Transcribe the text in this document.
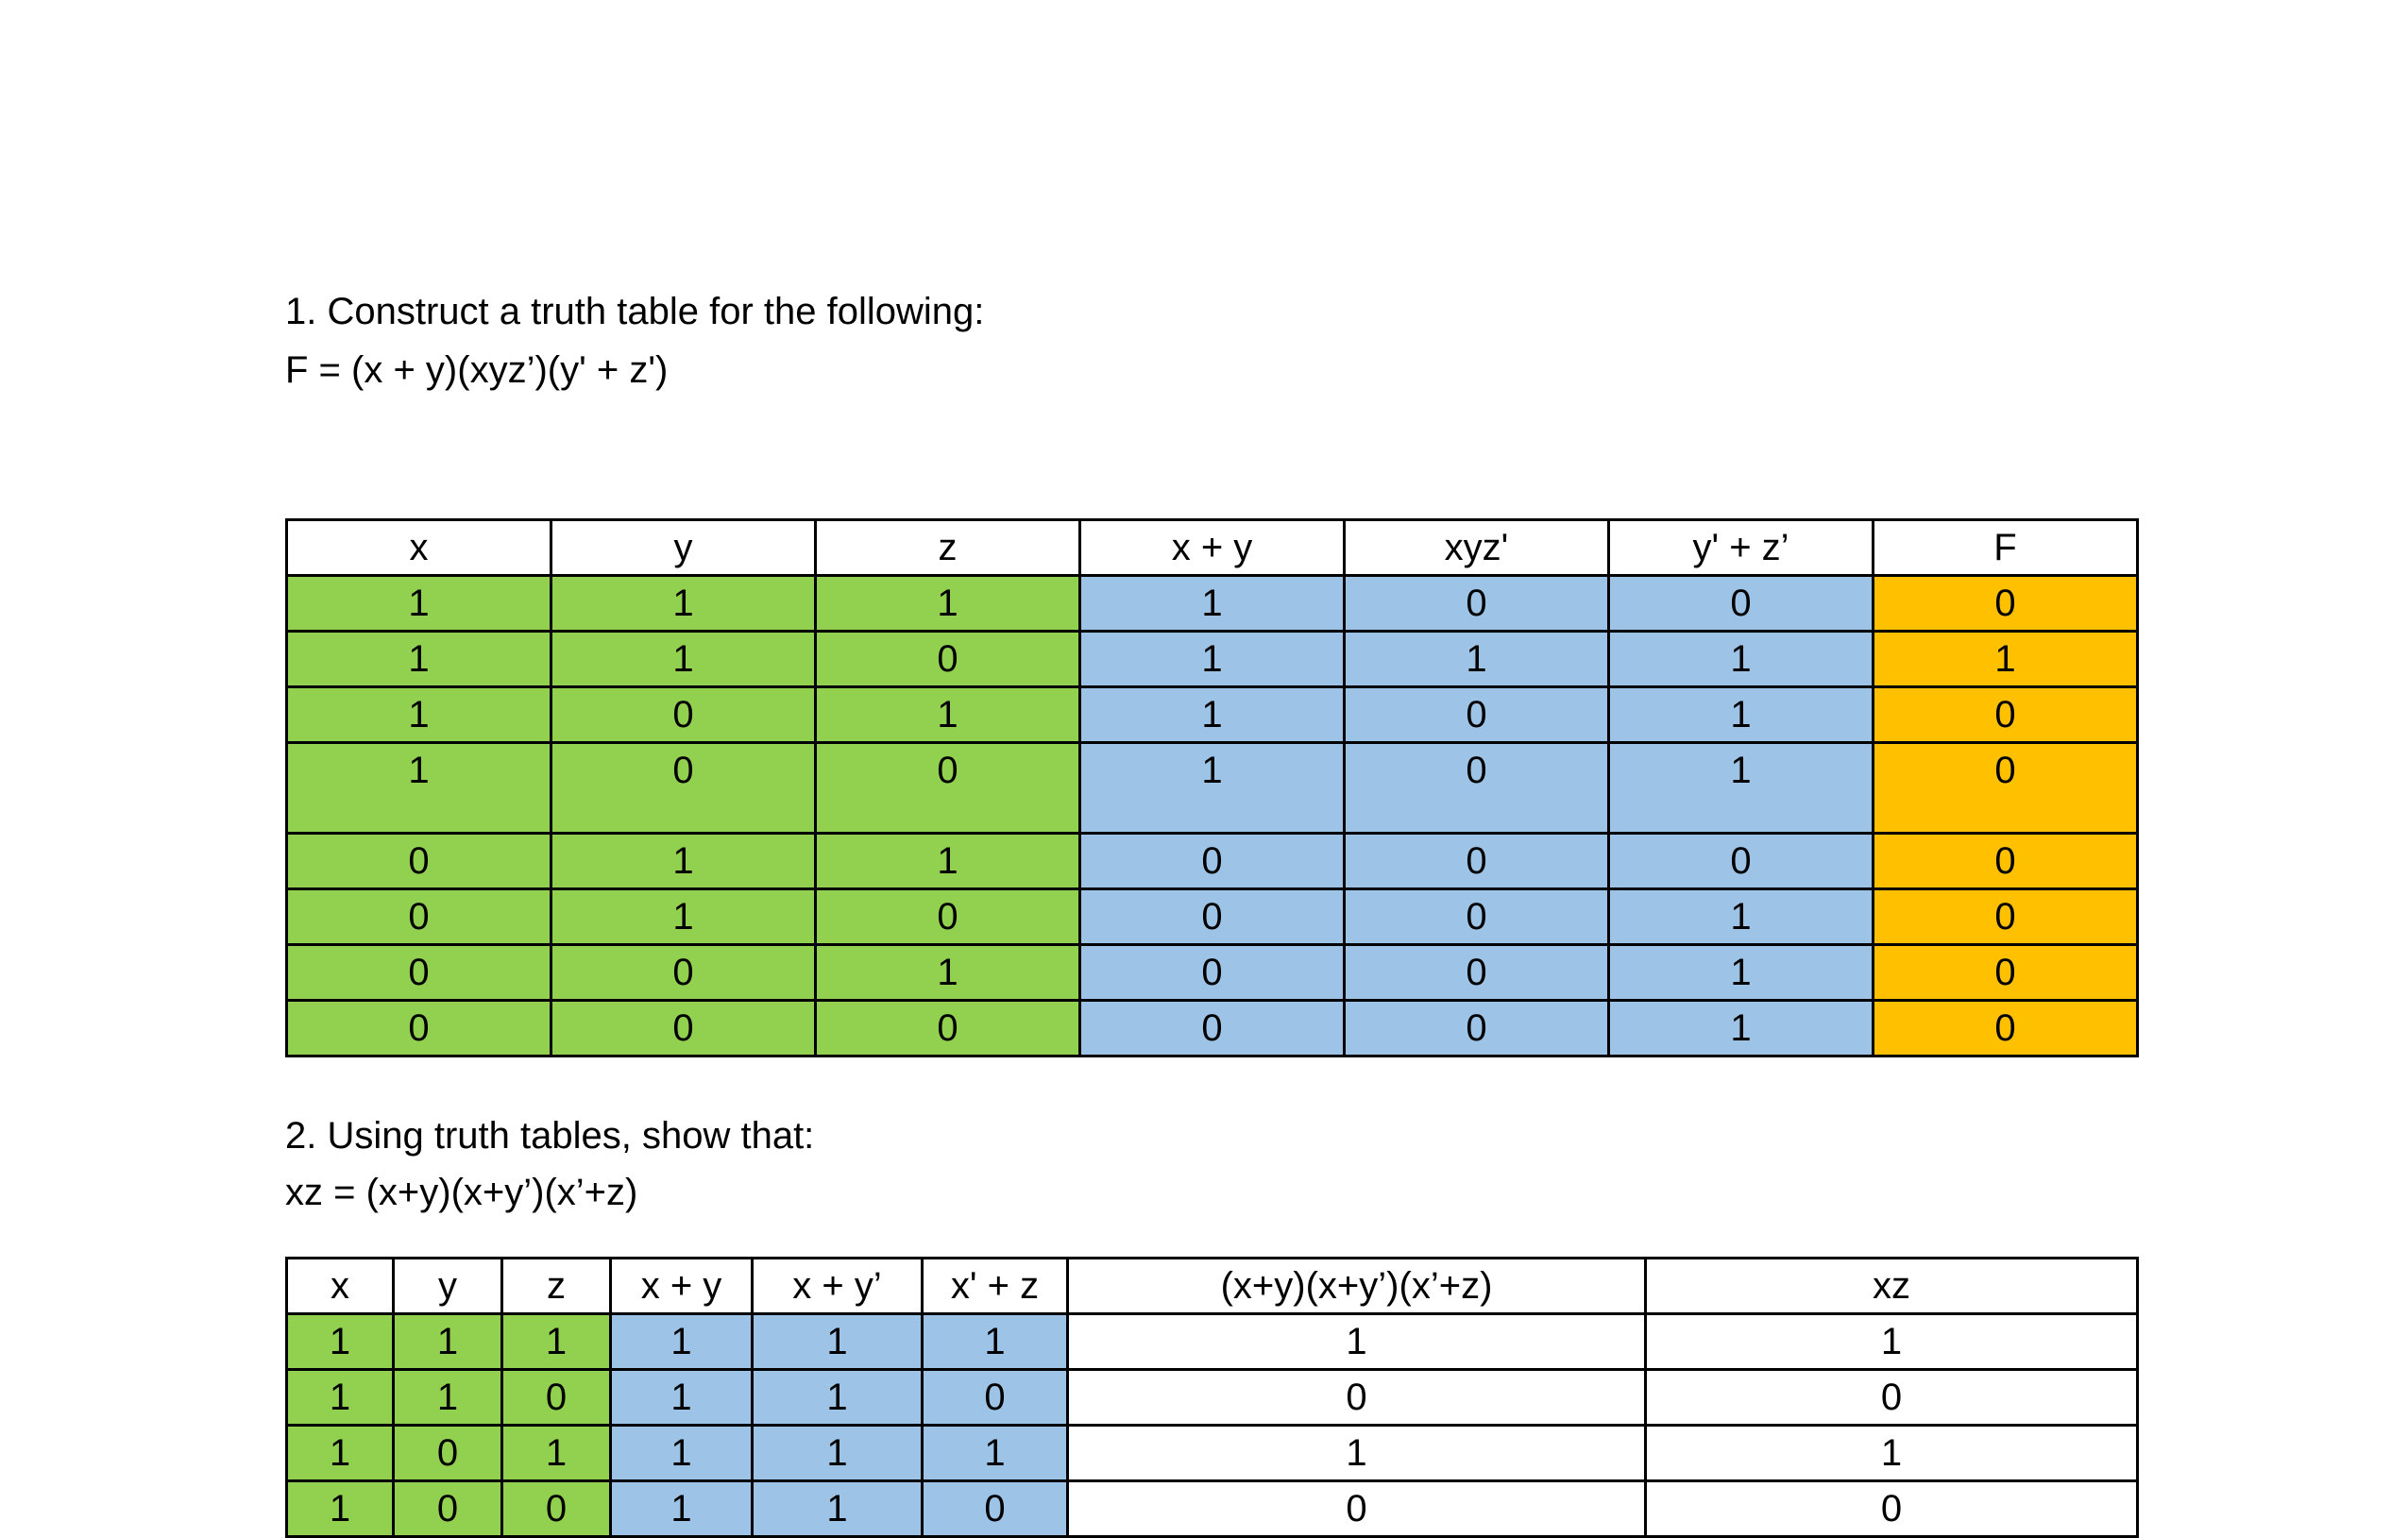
1. Construct a truth table for the following:
F = (x + y)(xyz’)(y' + z')
x	y	z	x + y	xyz'	y' + z’	F
1	1	1	1	0	0	0
1	1	0	1	1	1	1
1	0	1	1	0	1	0
1	0	0	1	0	1	0
0	1	1	0	0	0	0
0	1	0	0	0	1	0
0	0	1	0	0	1	0
0	0	0	0	0	1	0
2. Using truth tables, show that:
xz = (x+y)(x+y’)(x’+z)
x	y	z	x + y	x + y’	x' + z	(x+y)(x+y’)(x’+z)	xz
1	1	1	1	1	1	1	1
1	1	0	1	1	0	0	0
1	0	1	1	1	1	1	1
1	0	0	1	1	0	0	0
